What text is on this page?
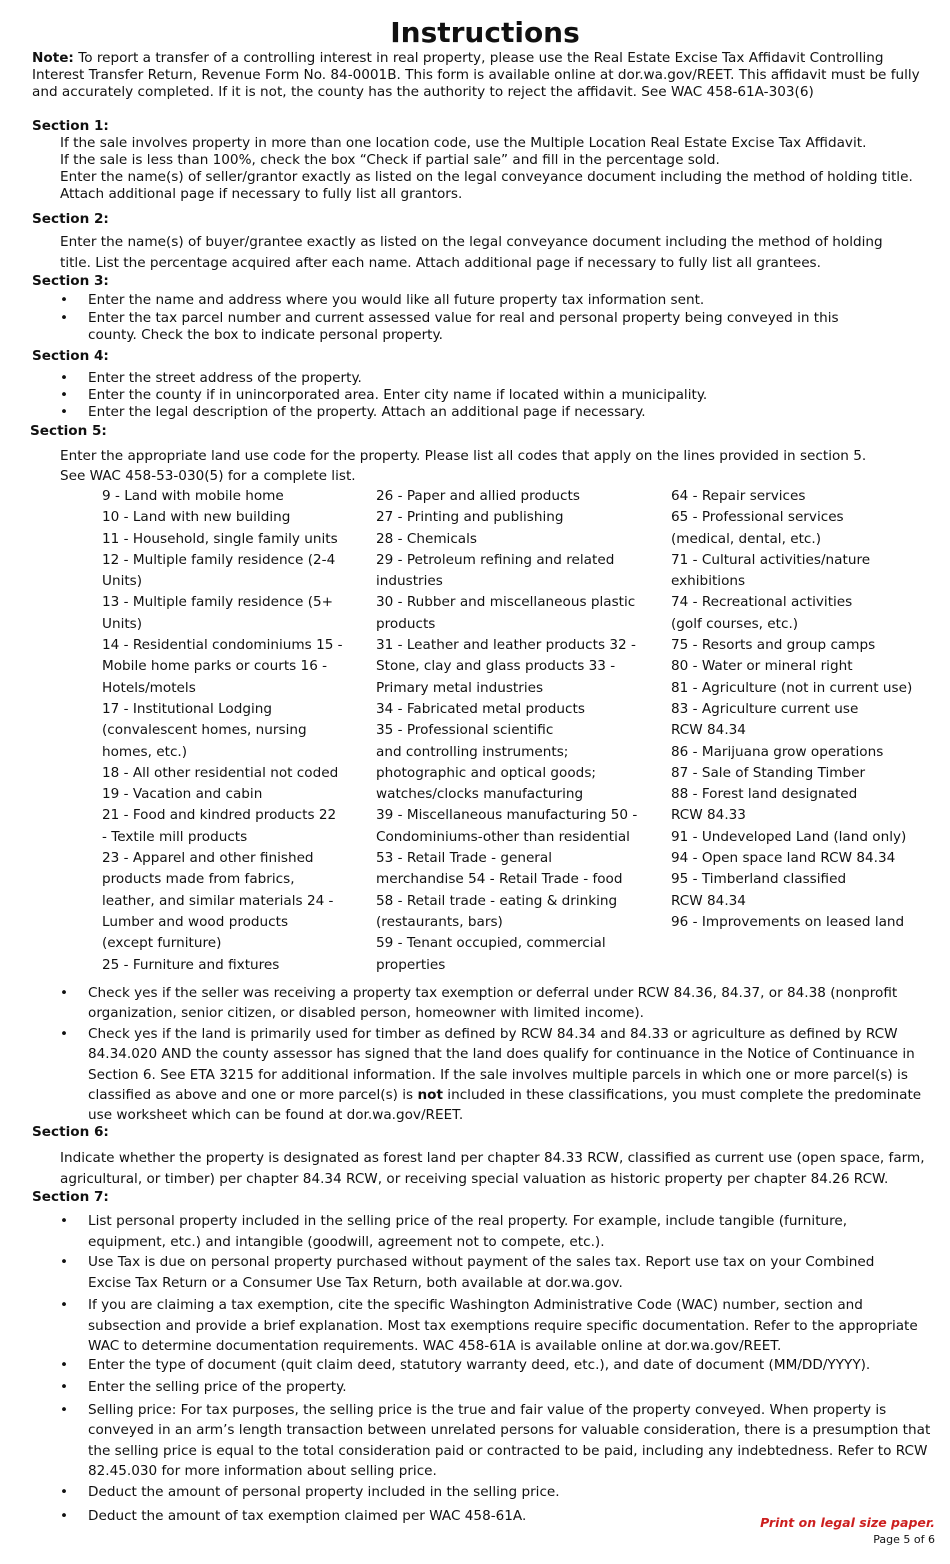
Instructions
Note: To report a transfer of a controlling interest in real property, please use the Real Estate Excise Tax Affidavit Controlling Interest Transfer Return, Revenue Form No. 84-0001B. This form is available online at dor.wa.gov/REET. This affidavit must be fully and accurately completed. If it is not, the county has the authority to reject the affidavit. See WAC 458-61A-303(6)
Section 1:
If the sale involves property in more than one location code, use the Multiple Location Real Estate Excise Tax Affidavit.
If the sale is less than 100%, check the box “Check if partial sale” and fill in the percentage sold.
Enter the name(s) of seller/grantor exactly as listed on the legal conveyance document including the method of holding title.
Attach additional page if necessary to fully list all grantors.
Section 2:
Enter the name(s) of buyer/grantee exactly as listed on the legal conveyance document including the method of holding title. List the percentage acquired after each name. Attach additional page if necessary to fully list all grantees.
Section 3:
• Enter the name and address where you would like all future property tax information sent.
• Enter the tax parcel number and current assessed value for real and personal property being conveyed in this county. Check the box to indicate personal property.
Section 4:
• Enter the street address of the property.
• Enter the county if in unincorporated area. Enter city name if located within a municipality.
• Enter the legal description of the property. Attach an additional page if necessary.
Section 5:
Enter the appropriate land use code for the property. Please list all codes that apply on the lines provided in section 5. See WAC 458-53-030(5) for a complete list.
9 - Land with mobile home
10 - Land with new building
11 - Household, single family units
12 - Multiple family residence (2-4
Units)
13 - Multiple family residence (5+
Units)
14 - Residential condominiums 15 -
Mobile home parks or courts 16 -
Hotels/motels
17 - Institutional Lodging
(convalescent homes, nursing
homes, etc.)
18 - All other residential not coded
19 - Vacation and cabin
21 - Food and kindred products 22
- Textile mill products
23 - Apparel and other finished
products made from fabrics,
leather, and similar materials 24 -
Lumber and wood products
(except furniture)
25 - Furniture and fixtures
26 - Paper and allied products
27 - Printing and publishing
28 - Chemicals
29 - Petroleum refining and related
industries
30 - Rubber and miscellaneous plastic
products
31 - Leather and leather products 32 -
Stone, clay and glass products 33 -
Primary metal industries
34 - Fabricated metal products
35 - Professional scientific
and controlling instruments;
photographic and optical goods;
watches/clocks manufacturing
39 - Miscellaneous manufacturing 50 -
Condominiums-other than residential
53 - Retail Trade - general
merchandise 54 - Retail Trade - food
58 - Retail trade - eating & drinking
(restaurants, bars)
59 - Tenant occupied, commercial
properties
64 - Repair services
65 - Professional services
(medical, dental, etc.)
71 - Cultural activities/nature
exhibitions
74 - Recreational activities
(golf courses, etc.)
75 - Resorts and group camps
80 - Water or mineral right
81 - Agriculture (not in current use)
83 - Agriculture current use
RCW 84.34
86 - Marijuana grow operations
87 - Sale of Standing Timber
88 - Forest land designated
RCW 84.33
91 - Undeveloped Land (land only)
94 - Open space land RCW 84.34
95 - Timberland classified
RCW 84.34
96 - Improvements on leased land
• Check yes if the seller was receiving a property tax exemption or deferral under RCW 84.36, 84.37, or 84.38 (nonprofit organization, senior citizen, or disabled person, homeowner with limited income).
• Check yes if the land is primarily used for timber as defined by RCW 84.34 and 84.33 or agriculture as defined by RCW 84.34.020 AND the county assessor has signed that the land does qualify for continuance in the Notice of Continuance in Section 6. See ETA 3215 for additional information. If the sale involves multiple parcels in which one or more parcel(s) is classified as above and one or more parcel(s) is not included in these classifications, you must complete the predominate use worksheet which can be found at dor.wa.gov/REET.
Section 6:
Indicate whether the property is designated as forest land per chapter 84.33 RCW, classified as current use (open space, farm, agricultural, or timber) per chapter 84.34 RCW, or receiving special valuation as historic property per chapter 84.26 RCW.
Section 7:
• List personal property included in the selling price of the real property. For example, include tangible (furniture, equipment, etc.) and intangible (goodwill, agreement not to compete, etc.).
• Use Tax is due on personal property purchased without payment of the sales tax. Report use tax on your Combined Excise Tax Return or a Consumer Use Tax Return, both available at dor.wa.gov.
• If you are claiming a tax exemption, cite the specific Washington Administrative Code (WAC) number, section and subsection and provide a brief explanation. Most tax exemptions require specific documentation. Refer to the appropriate WAC to determine documentation requirements. WAC 458-61A is available online at dor.wa.gov/REET.
• Enter the type of document (quit claim deed, statutory warranty deed, etc.), and date of document (MM/DD/YYYY).
• Enter the selling price of the property.
• Selling price: For tax purposes, the selling price is the true and fair value of the property conveyed. When property is conveyed in an arm’s length transaction between unrelated persons for valuable consideration, there is a presumption that the selling price is equal to the total consideration paid or contracted to be paid, including any indebtedness. Refer to RCW 82.45.030 for more information about selling price.
• Deduct the amount of personal property included in the selling price.
• Deduct the amount of tax exemption claimed per WAC 458-61A.	Print on legal size paper.
Page 5 of 6
